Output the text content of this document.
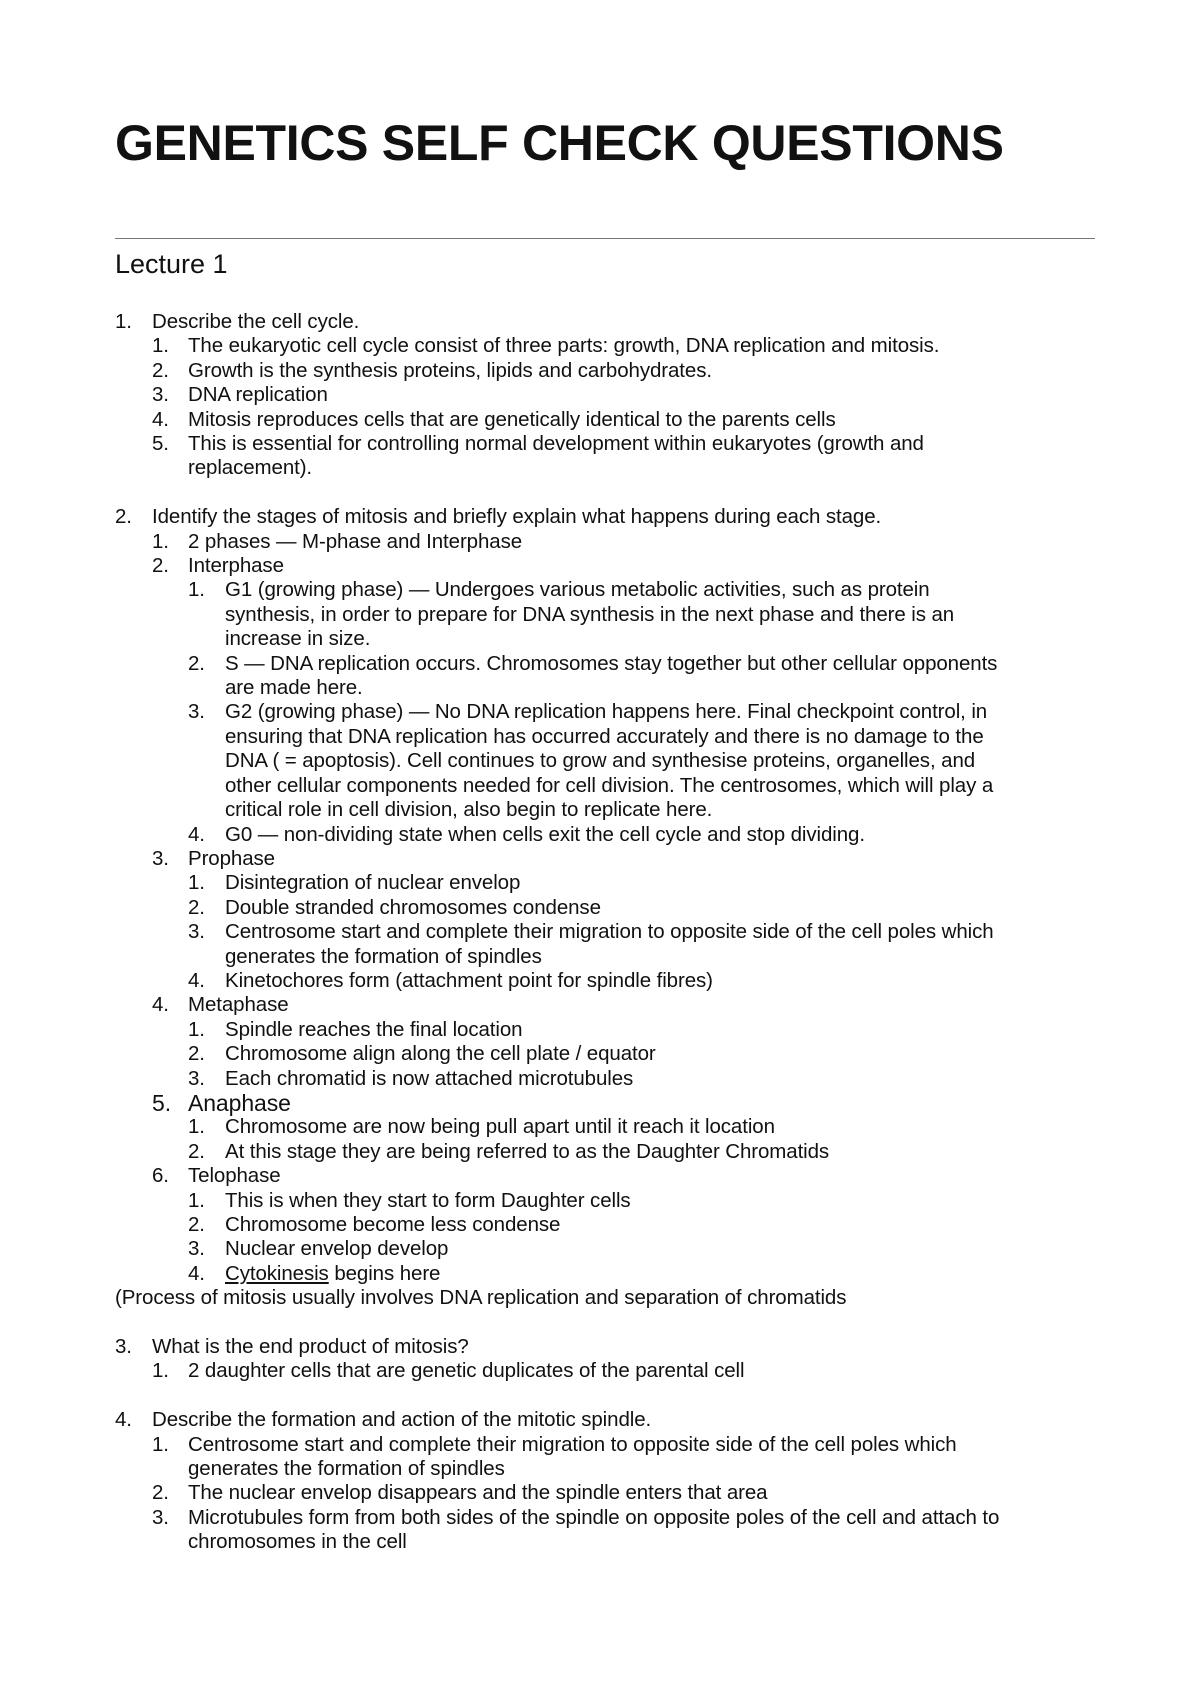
GENETICS SELF CHECK QUESTIONS
Lecture 1

1. Describe the cell cycle.

1. The eukaryotic cell cycle consist of three parts: growth, DNA replication and mitosis.

2. Growth is the synthesis proteins, lipids and carbohydrates.

3. DNA replication

4. Mitosis reproduces cells that are genetically identical to the parents cells

5. This is essential for controlling normal development within eukaryotes (growth and

replacement).

2. Identify the stages of mitosis and briefly explain what happens during each stage.

1. 2 phases — M-phase and Interphase

2. Interphase

1. G1 (growing phase) — Undergoes various metabolic activities, such as protein

synthesis, in order to prepare for DNA synthesis in the next phase and there is an

increase in size.

2. S — DNA replication occurs. Chromosomes stay together but other cellular opponents

are made here.

3. G2 (growing phase) — No DNA replication happens here. Final checkpoint control, in

ensuring that DNA replication has occurred accurately and there is no damage to the

DNA ( = apoptosis). Cell continues to grow and synthesise proteins, organelles, and

other cellular components needed for cell division. The centrosomes, which will play a

critical role in cell division, also begin to replicate here.

4. G0 — non-dividing state when cells exit the cell cycle and stop dividing.

3. Prophase

1. Disintegration of nuclear envelop

2. Double stranded chromosomes condense

3. Centrosome start and complete their migration to opposite side of the cell poles which

generates the formation of spindles

4. Kinetochores form (attachment point for spindle fibres)

4. Metaphase

1. Spindle reaches the final location

2. Chromosome align along the cell plate / equator

3. Each chromatid is now attached microtubules

5. Anaphase

1. Chromosome are now being pull apart until it reach it location

2. At this stage they are being referred to as the Daughter Chromatids

6. Telophase

1. This is when they start to form Daughter cells

2. Chromosome become less condense

3. Nuclear envelop develop

4. Cytokinesis begins here

(Process of mitosis usually involves DNA replication and separation of chromatids

3. What is the end product of mitosis?

1. 2 daughter cells that are genetic duplicates of the parental cell

4. Describe the formation and action of the mitotic spindle.

1. Centrosome start and complete their migration to opposite side of the cell poles which

generates the formation of spindles

2. The nuclear envelop disappears and the spindle enters that area

3. Microtubules form from both sides of the spindle on opposite poles of the cell and attach to

chromosomes in the cell
